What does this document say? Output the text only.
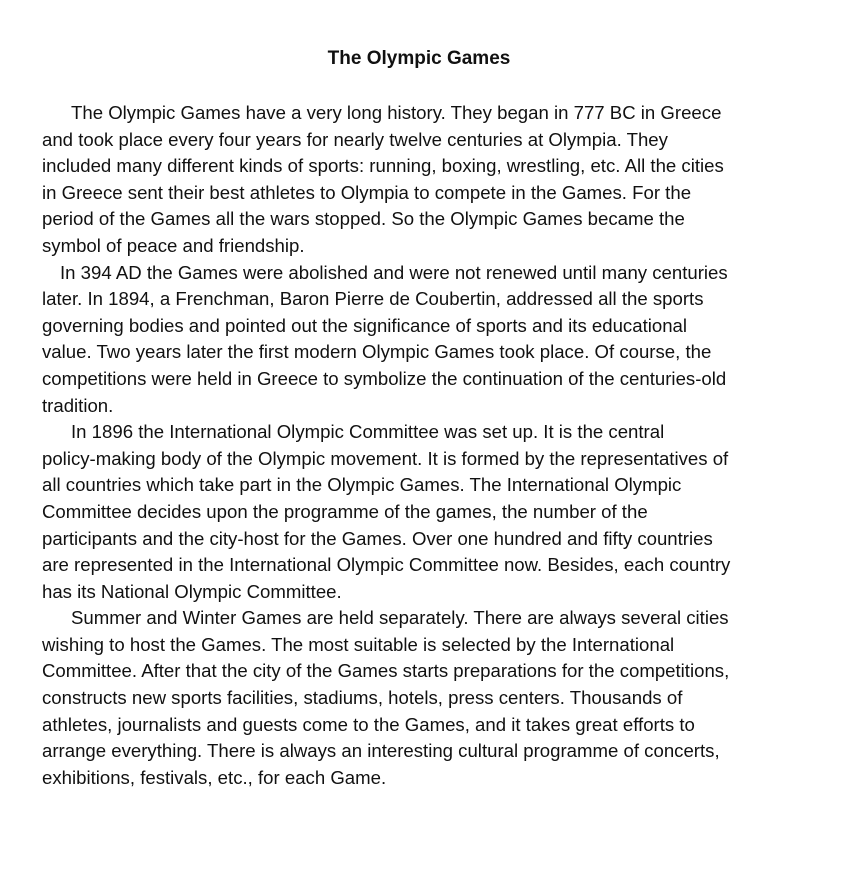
The Olympic Games
The Olympic Games have a very long history. They began in 777 BC in Greece
and took place every four years for nearly twelve centuries at Olympia. They
included many different kinds of sports: running, boxing, wrestling, etc. All the cities
in Greece sent their best athletes to Olympia to compete in the Games. For the
period of the Games all the wars stopped. So the Olympic Games became the
symbol of peace and friendship.
In 394 AD the Games were abolished and were not renewed until many centuries
later. In 1894, a Frenchman, Baron Pierre de Coubertin, addressed all the sports
governing bodies and pointed out the significance of sports and its educational
value. Two years later the first modern Olympic Games took place. Of course, the
competitions were held in Greece to symbolize the continuation of the centuries-old
tradition.
In 1896 the International Olympic Committee was set up. It is the central
policy-making body of the Olympic movement. It is formed by the representatives of
all countries which take part in the Olympic Games. The International Olympic
Committee decides upon the programme of the games, the number of the
participants and the city-host for the Games. Over one hundred and fifty countries
are represented in the International Olympic Committee now. Besides, each country
has its National Olympic Committee.
Summer and Winter Games are held separately. There are always several cities
wishing to host the Games. The most suitable is selected by the International
Committee. After that the city of the Games starts preparations for the competitions,
constructs new sports facilities, stadiums, hotels, press centers. Thousands of
athletes, journalists and guests come to the Games, and it takes great efforts to
arrange everything. There is always an interesting cultural programme of concerts,
exhibitions, festivals, etc., for each Game.
